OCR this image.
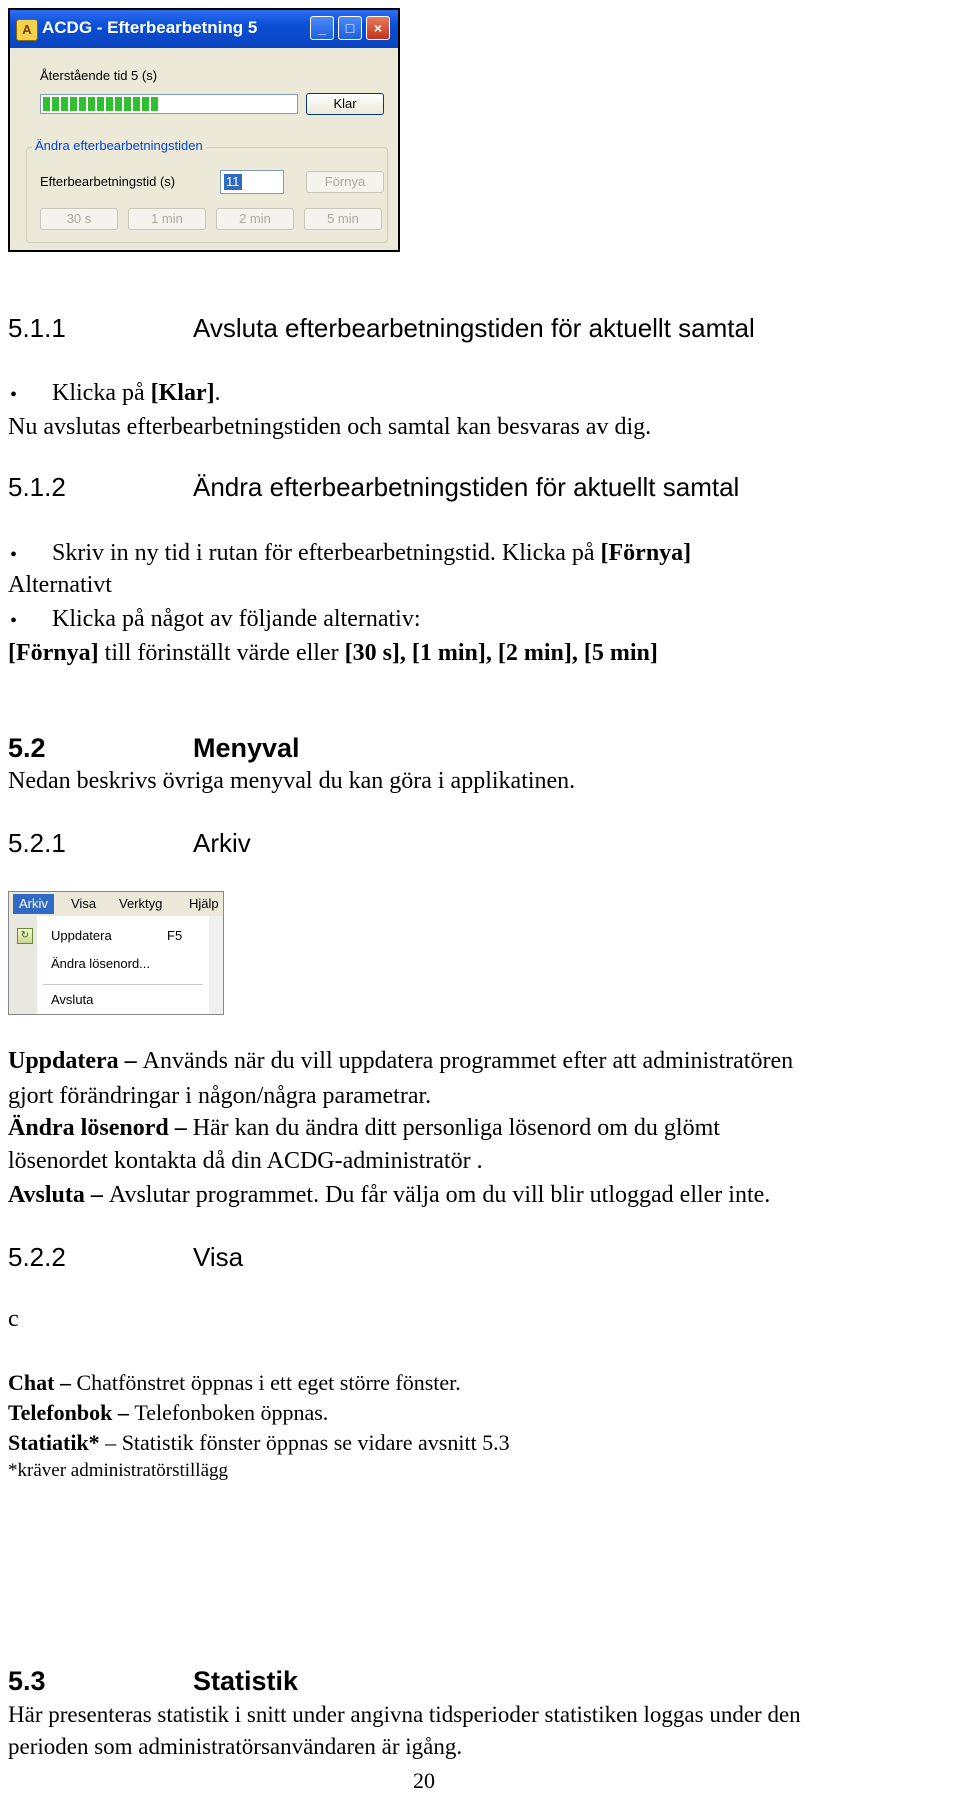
A ACDG - Efterbearbetning 5	_	□	×
Återstående tid 5 (s)
Klar
Ändra efterbearbetningstiden
Efterbearbetningstid (s)	11	Förnya
30 s	1 min	2 min	5 min
5.1.1	Avsluta efterbearbetningstiden för aktuellt samtal
• Klicka på [Klar].
Nu avslutas efterbearbetningstiden och samtal kan besvaras av dig.
5.1.2	Ändra efterbearbetningstiden för aktuellt samtal
• Skriv in ny tid i rutan för efterbearbetningstid. Klicka på [Förnya]
Alternativt
• Klicka på något av följande alternativ:
[Förnya] till förinställt värde eller [30 s], [1 min], [2 min], [5 min]
5.2	Menyval
Nedan beskrivs övriga menyval du kan göra i applikatinen.
5.2.1	Arkiv
Arkiv	Visa Verktyg Hjälp
↻ Uppdatera	F5
Ändra lösenord...
Avsluta
Uppdatera – Används när du vill uppdatera programmet efter att administratören
gjort förändringar i någon/några parametrar.
Ändra lösenord – Här kan du ändra ditt personliga lösenord om du glömt
lösenordet kontakta då din ACDG-administratör .
Avsluta – Avslutar programmet. Du får välja om du vill blir utloggad eller inte.
5.2.2	Visa
c
Chat – Chatfönstret öppnas i ett eget större fönster.
Telefonbok – Telefonboken öppnas.
Statiatik* – Statistik fönster öppnas se vidare avsnitt 5.3
*kräver administratörstillägg
5.3	Statistik
Här presenteras statistik i snitt under angivna tidsperioder statistiken loggas under den
perioden som administratörsanvändaren är igång.
20
